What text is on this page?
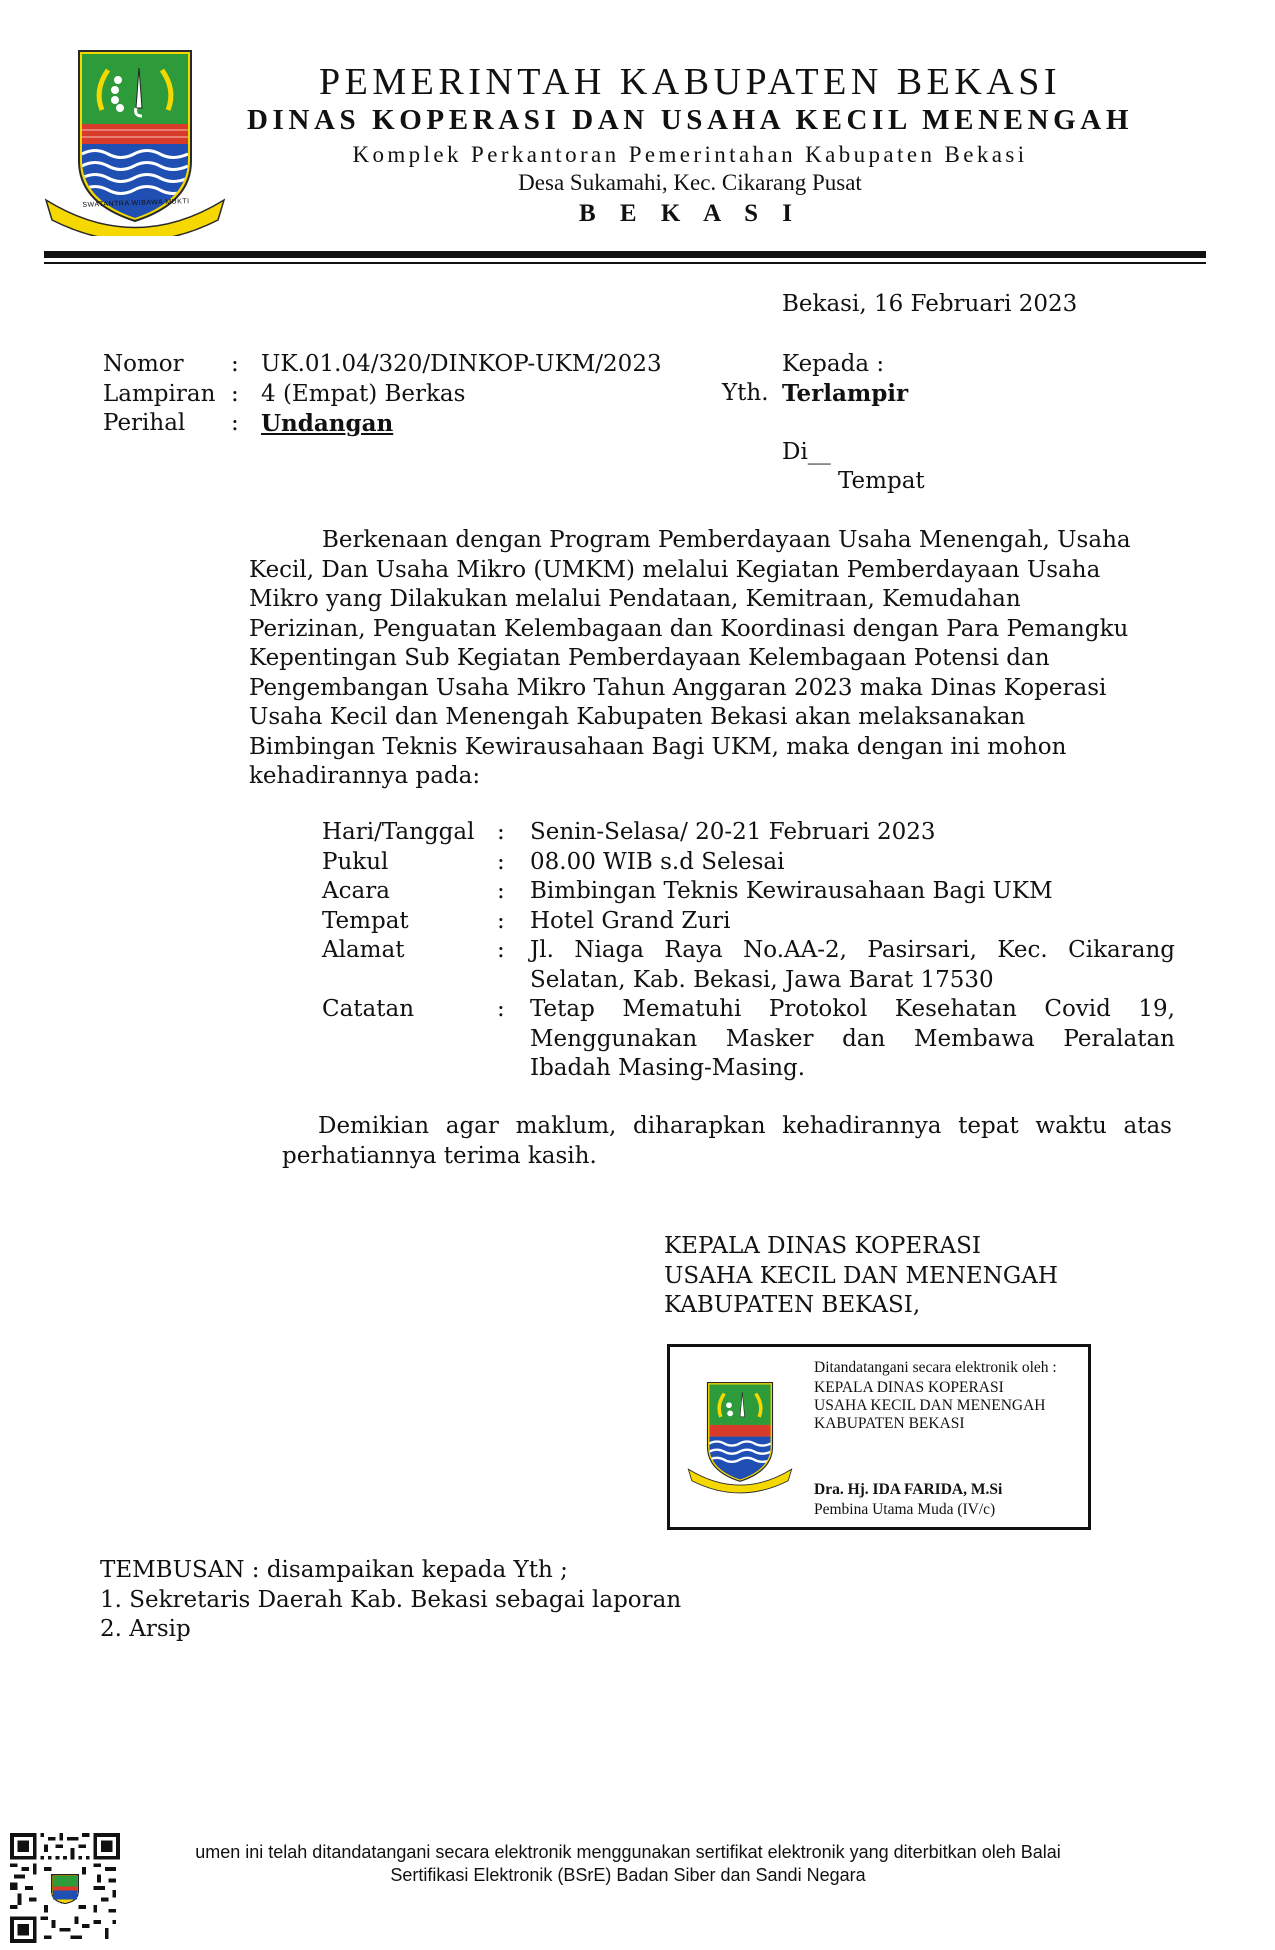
PEMERINTAH KABUPATEN BEKASI
DINAS KOPERASI DAN USAHA KECIL MENENGAH
Komplek Perkantoran Pemerintahan Kabupaten Bekasi
Desa Sukamahi, Kec. Cikarang Pusat
B E K A S I
Bekasi, 16 Februari 2023
Nomor	: UK.01.04/320/DINKOP-UKM/2023
Lampiran : 4 (Empat) Berkas
Perihal	: Undangan
Kepada :
Yth. Terlampir
Di__
Tempat
Berkenaan dengan Program Pemberdayaan Usaha Menengah, Usaha
Kecil, Dan Usaha Mikro (UMKM) melalui Kegiatan Pemberdayaan Usaha
Mikro yang Dilakukan melalui Pendataan, Kemitraan, Kemudahan
Perizinan, Penguatan Kelembagaan dan Koordinasi dengan Para Pemangku
Kepentingan Sub Kegiatan Pemberdayaan Kelembagaan Potensi dan
Pengembangan Usaha Mikro Tahun Anggaran 2023 maka Dinas Koperasi
Usaha Kecil dan Menengah Kabupaten Bekasi akan melaksanakan
Bimbingan Teknis Kewirausahaan Bagi UKM, maka dengan ini mohon
kehadirannya pada:
Hari/Tanggal :	Senin-Selasa/ 20-21 Februari 2023
Pukul	:	08.00 WIB s.d Selesai
Acara	:	Bimbingan Teknis Kewirausahaan Bagi UKM
Tempat	:	Hotel Grand Zuri
Alamat	:	Jl. Niaga Raya No.AA-2, Pasirsari, Kec. Cikarang
Selatan, Kab. Bekasi, Jawa Barat 17530
Catatan	:	Tetap Mematuhi Protokol Kesehatan Covid 19,
Menggunakan Masker dan Membawa Peralatan
Ibadah Masing-Masing.
Demikian agar maklum, diharapkan kehadirannya tepat waktu atas
perhatiannya terima kasih.
KEPALA DINAS KOPERASI
USAHA KECIL DAN MENENGAH
KABUPATEN BEKASI,
Ditandatangani secara elektronik oleh :
KEPALA DINAS KOPERASI
USAHA KECIL DAN MENENGAH
KABUPATEN BEKASI
Dra. Hj. IDA FARIDA, M.Si
Pembina Utama Muda (IV/c)
TEMBUSAN : disampaikan kepada Yth ;
1. Sekretaris Daerah Kab. Bekasi sebagai laporan
2. Arsip
umen ini telah ditandatangani secara elektronik menggunakan sertifikat elektronik yang diterbitkan oleh Balai
Sertifikasi Elektronik (BSrE) Badan Siber dan Sandi Negara
SWATANTRA WIBAWA MUKTI
